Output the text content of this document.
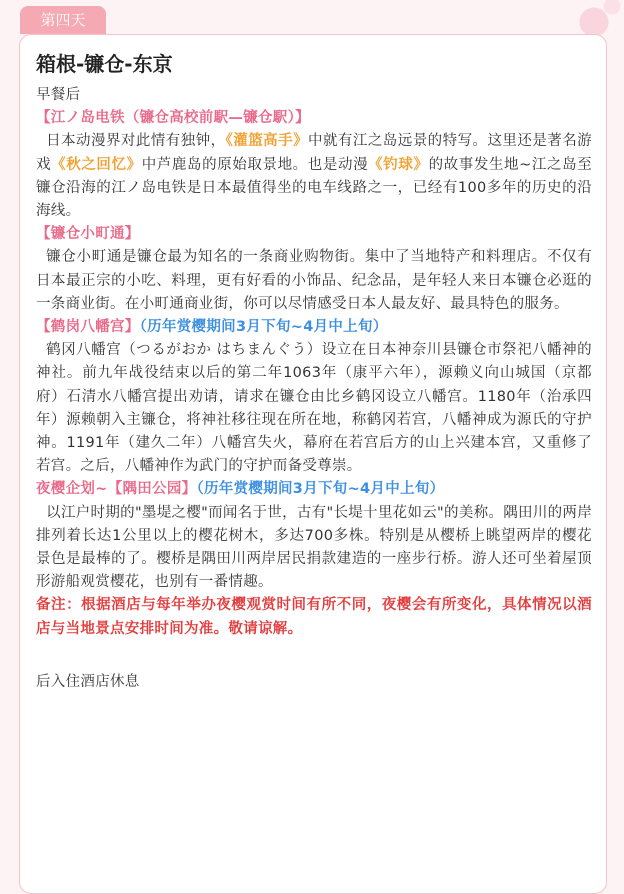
第四天
箱根-镰仓-东京

早餐后

【江ノ岛电铁（镰仓高校前駅—镰仓駅）】

日本动漫界对此情有独钟，《灌篮高手》中就有江之岛远景的特写。这里还是著名游戏《秋之回忆》中芦鹿岛的原始取景地。也是动漫《钓球》的故事发生地~江之岛至镰仓沿海的江ノ岛电铁是日本最值得坐的电车线路之一，已经有100多年的历史的沿海线。

【镰仓小町通】

镰仓小町通是镰仓最为知名的一条商业购物街。集中了当地特产和料理店。不仅有日本最正宗的小吃、料理，更有好看的小饰品、纪念品，是年轻人来日本镰仓必逛的一条商业街。在小町通商业街，你可以尽情感受日本人最友好、最具特色的服务。

【鹤岗八幡宫】（历年赏樱期间3月下旬~4月中上旬）

鹤冈八幡宫（つるがおか はちまんぐう）设立在日本神奈川县镰仓市祭祀八幡神的神社。前九年战役结束以后的第二年1063年（康平六年），源赖义向山城国（京都府）石清水八幡宫提出劝请，请求在镰仓由比乡鹤冈设立八幡宫。1180年（治承四年）源赖朝入主镰仓，将神社移往现在所在地，称鹤冈若宫，八幡神成为源氏的守护神。1191年（建久二年）八幡宫失火，幕府在若宫后方的山上兴建本宫，又重修了若宫。之后，八幡神作为武门的守护而备受尊崇。

夜樱企划~【隅田公园】（历年赏樱期间3月下旬~4月中上旬）

以江户时期的"墨堤之樱"而闻名于世，古有"长堤十里花如云"的美称。隅田川的两岸排列着长达1公里以上的樱花树木，多达700多株。特别是从樱桥上眺望两岸的樱花景色是最棒的了。樱桥是隅田川两岸居民捐款建造的一座步行桥。游人还可坐着屋顶形游船观赏樱花，也别有一番情趣。

备注：根据酒店与每年举办夜樱观赏时间有所不同，夜樱会有所变化，具体情况以酒店与当地景点安排时间为准。敬请谅解。

后入住酒店休息
